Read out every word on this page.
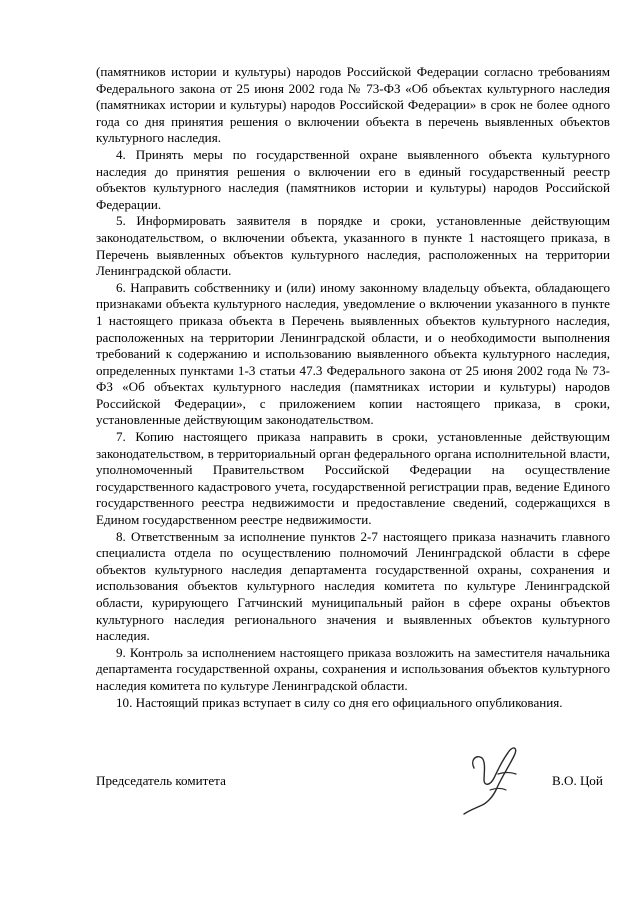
(памятников истории и культуры) народов Российской Федерации согласно требованиям Федерального закона от 25 июня 2002 года № 73-ФЗ «Об объектах культурного наследия (памятниках истории и культуры) народов Российской Федерации» в срок не более одного года со дня принятия решения о включении объекта в перечень выявленных объектов культурного наследия.

4. Принять меры по государственной охране выявленного объекта культурного наследия до принятия решения о включении его в единый государственный реестр объектов культурного наследия (памятников истории и культуры) народов Российской Федерации.

5. Информировать заявителя в порядке и сроки, установленные действующим законодательством, о включении объекта, указанного в пункте 1 настоящего приказа, в Перечень выявленных объектов культурного наследия, расположенных на территории Ленинградской области.

6. Направить собственнику и (или) иному законному владельцу объекта, обладающего признаками объекта культурного наследия, уведомление о включении указанного в пункте 1 настоящего приказа объекта в Перечень выявленных объектов культурного наследия, расположенных на территории Ленинградской области, и о необходимости выполнения требований к содержанию и использованию выявленного объекта культурного наследия, определенных пунктами 1-3 статьи 47.3 Федерального закона от 25 июня 2002 года № 73-ФЗ «Об объектах культурного наследия (памятниках истории и культуры) народов Российской Федерации», с приложением копии настоящего приказа, в сроки, установленные действующим законодательством.

7. Копию настоящего приказа направить в сроки, установленные действующим законодательством, в территориальный орган федерального органа исполнительной власти, уполномоченный Правительством Российской Федерации на осуществление государственного кадастрового учета, государственной регистрации прав, ведение Единого государственного реестра недвижимости и предоставление сведений, содержащихся в Едином государственном реестре недвижимости.

8. Ответственным за исполнение пунктов 2-7 настоящего приказа назначить главного специалиста отдела по осуществлению полномочий Ленинградской области в сфере объектов культурного наследия департамента государственной охраны, сохранения и использования объектов культурного наследия комитета по культуре Ленинградской области, курирующего Гатчинский муниципальный район в сфере охраны объектов культурного наследия регионального значения и выявленных объектов культурного наследия.

9. Контроль за исполнением настоящего приказа возложить на заместителя начальника департамента государственной охраны, сохранения и использования объектов культурного наследия комитета по культуре Ленинградской области.

10. Настоящий приказ вступает в силу со дня его официального опубликования.

Председатель комитета	В.О. Цой
